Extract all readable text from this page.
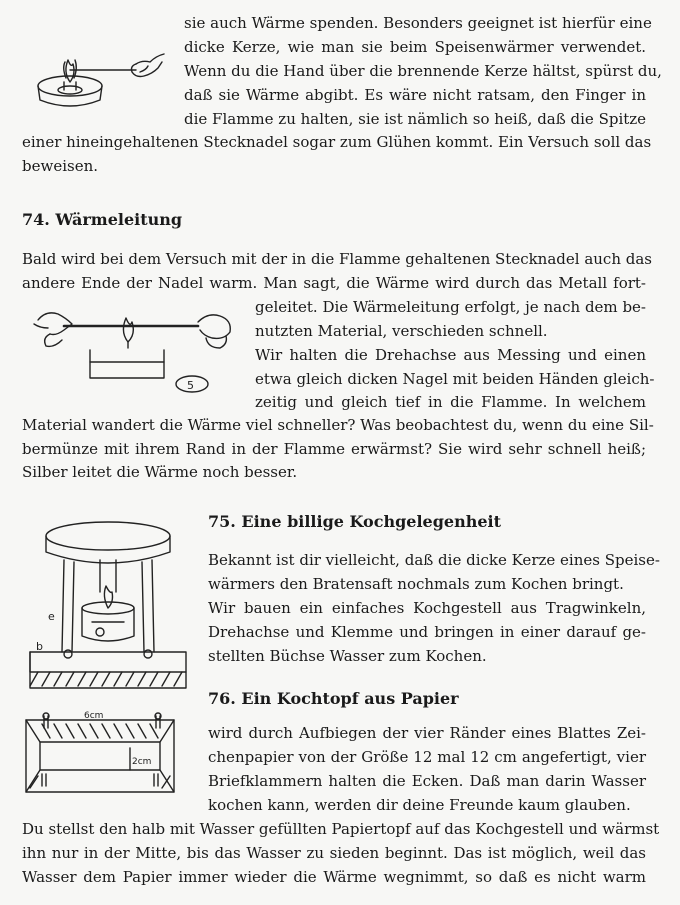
5
e
b
6cm
2cm
sie auch Wärme spenden. Besonders geeignet ist hierfür eine
dicke Kerze, wie man sie beim Speisenwärmer verwendet.
Wenn du die Hand über die brennende Kerze hältst, spürst du,
daß sie Wärme abgibt. Es wäre nicht ratsam, den Finger in
die Flamme zu halten, sie ist nämlich so heiß, daß die Spitze
einer hineingehaltenen Stecknadel sogar zum Glühen kommt. Ein Versuch soll das
beweisen.
74. Wärmeleitung
Bald wird bei dem Versuch mit der in die Flamme gehaltenen Stecknadel auch das
andere Ende der Nadel warm. Man sagt, die Wärme wird durch das Metall fort-
geleitet. Die Wärmeleitung erfolgt, je nach dem be-
nutzten Material, verschieden schnell.
Wir halten die Drehachse aus Messing und einen
etwa gleich dicken Nagel mit beiden Händen gleich-
zeitig und gleich tief in die Flamme. In welchem
Material wandert die Wärme viel schneller? Was beobachtest du, wenn du eine Sil-
bermünze mit ihrem Rand in der Flamme erwärmst? Sie wird sehr schnell heiß;
Silber leitet die Wärme noch besser.
75. Eine billige Kochgelegenheit
Bekannt ist dir vielleicht, daß die dicke Kerze eines Speise-
wärmers den Bratensaft nochmals zum Kochen bringt.
Wir bauen ein einfaches Kochgestell aus Tragwinkeln,
Drehachse und Klemme und bringen in einer darauf ge-
stellten Büchse Wasser zum Kochen.
76. Ein Kochtopf aus Papier
wird durch Aufbiegen der vier Ränder eines Blattes Zei-
chenpapier von der Größe 12 mal 12 cm angefertigt, vier
Briefklammern halten die Ecken. Daß man darin Wasser
kochen kann, werden dir deine Freunde kaum glauben.
Du stellst den halb mit Wasser gefüllten Papiertopf auf das Kochgestell und wärmst
ihn nur in der Mitte, bis das Wasser zu sieden beginnt. Das ist möglich, weil das
Wasser dem Papier immer wieder die Wärme wegnimmt, so daß es nicht warm
